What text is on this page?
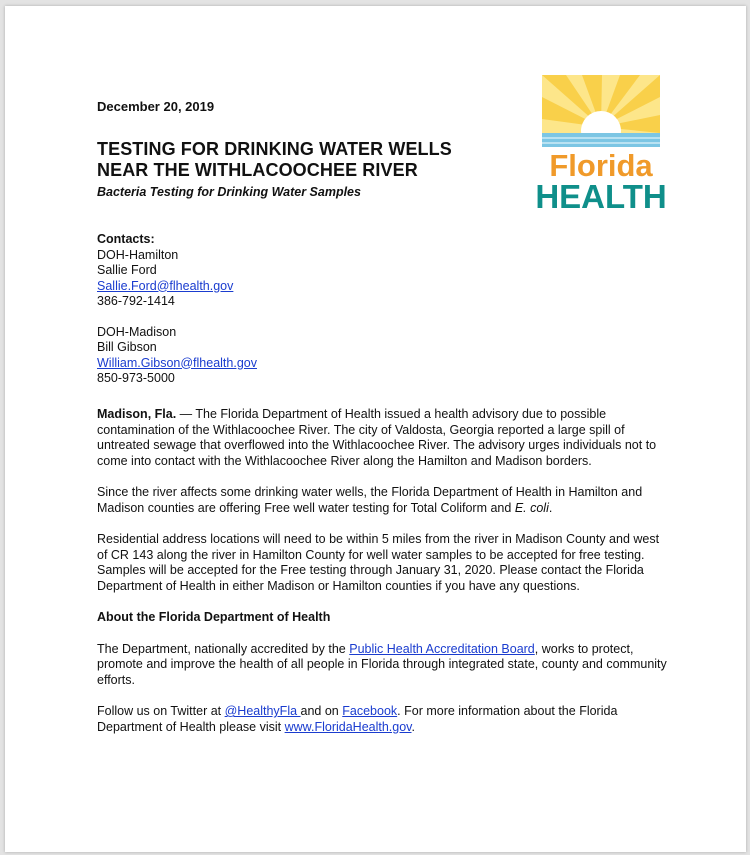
December 20, 2019
TESTING FOR DRINKING WATER WELLS
NEAR THE WITHLACOOCHEE RIVER
Bacteria Testing for Drinking Water Samples
Florida
HEALTH
Contacts:
DOH-Hamilton
Sallie Ford
Sallie.Ford@flhealth.gov
386-792-1414
DOH-Madison
Bill Gibson
William.Gibson@flhealth.gov
850-973-5000

Madison, Fla. — The Florida Department of Health issued a health advisory due to possible contamination of the Withlacoochee River. The city of Valdosta, Georgia reported a large spill of untreated sewage that overflowed into the Withlacoochee River. The advisory urges individuals not to come into contact with the Withlacoochee River along the Hamilton and Madison borders.

Since the river affects some drinking water wells, the Florida Department of Health in Hamilton and Madison counties are offering Free well water testing for Total Coliform and E. coli.

Residential address locations will need to be within 5 miles from the river in Madison County and west of CR 143 along the river in Hamilton County for well water samples to be accepted for free testing. Samples will be accepted for the Free testing through January 31, 2020. Please contact the Florida Department of Health in either Madison or Hamilton counties if you have any questions.

About the Florida Department of Health

The Department, nationally accredited by the Public Health Accreditation Board, works to protect, promote and improve the health of all people in Florida through integrated state, county and community efforts.

Follow us on Twitter at @HealthyFla and on Facebook. For more information about the Florida Department of Health please visit www.FloridaHealth.gov.
